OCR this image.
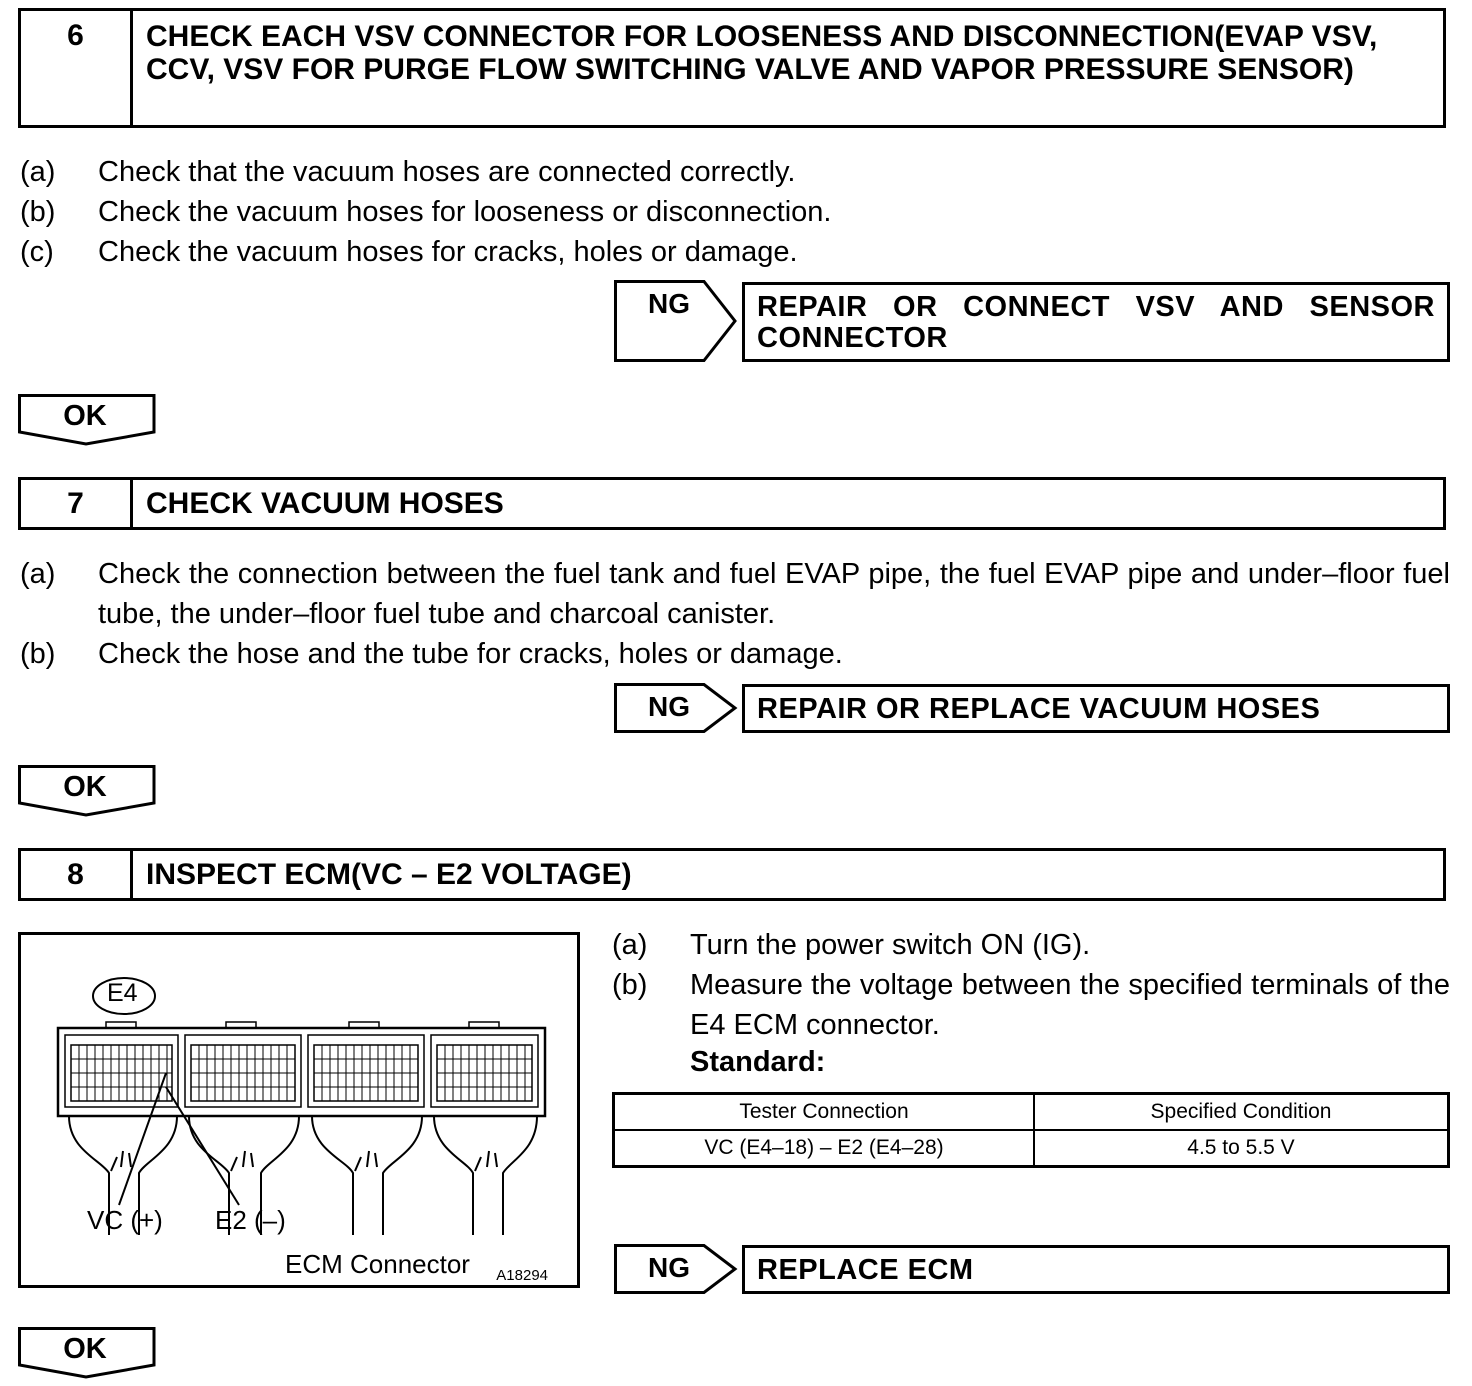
6	CHECK EACH VSV CONNECTOR FOR LOOSENESS AND DISCONNECTION(EVAP VSV, CCV, VSV FOR PURGE FLOW SWITCHING VALVE AND VAPOR PRESSURE SENSOR)
(a) Check that the vacuum hoses are connected correctly.
(b) Check the vacuum hoses for looseness or disconnection.
(c) Check the vacuum hoses for cracks, holes or damage.
NG	REPAIR OR CONNECT VSV AND SENSOR CONNECTOR
OK
7	CHECK VACUUM HOSES
(a) Check the connection between the fuel tank and fuel EVAP pipe, the fuel EVAP pipe and under–floor fuel tube, the under–floor fuel tube and charcoal canister.
(b) Check the hose and the tube for cracks, holes or damage.
NG	REPAIR OR REPLACE VACUUM HOSES
OK
8	INSPECT ECM(VC – E2 VOLTAGE)
A18294
E4
VC (+) E2 (–)
ECM Connector
(a) Turn the power switch ON (IG).
(b) Measure the voltage between the specified terminals of the E4 ECM connector.
Standard:
Tester Connection	Specified Condition
VC (E4–18) – E2 (E4–28)	4.5 to 5.5 V
NG	REPLACE ECM
OK
